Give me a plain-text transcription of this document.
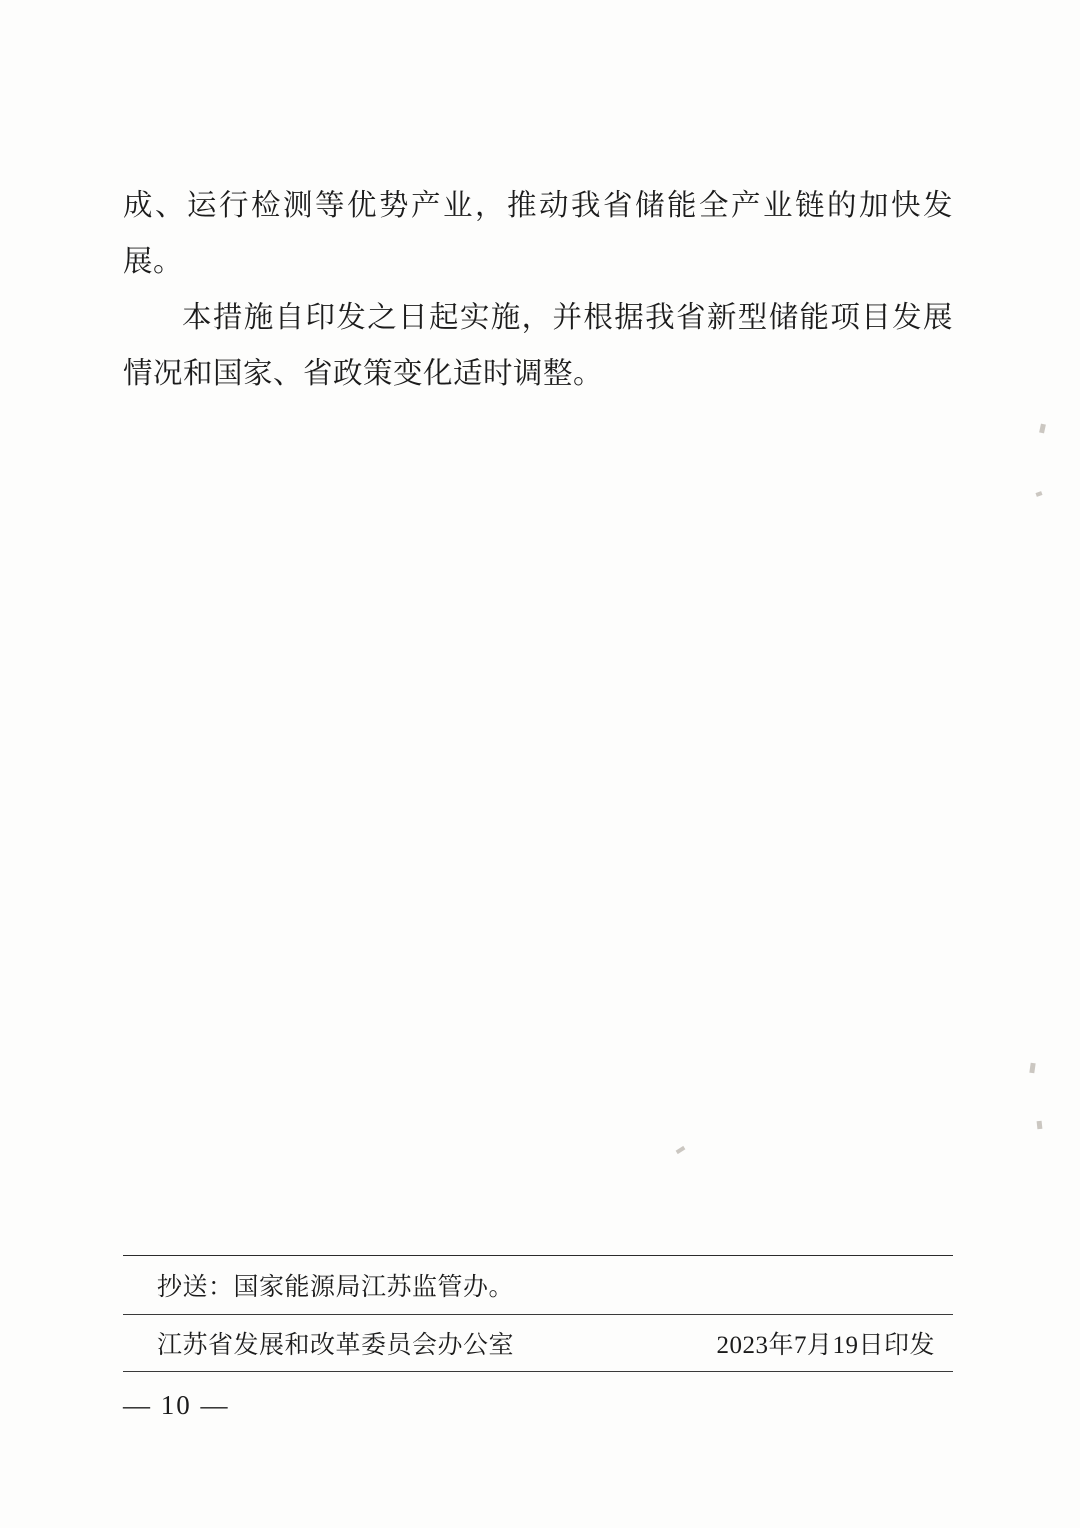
成、运行检测等优势产业，推动我省储能全产业链的加快发展。

本措施自印发之日起实施，并根据我省新型储能项目发展情况和国家、省政策变化适时调整。

抄送：国家能源局江苏监管办。
江苏省发展和改革委员会办公室	2023年7月19日印发
— 10 —
